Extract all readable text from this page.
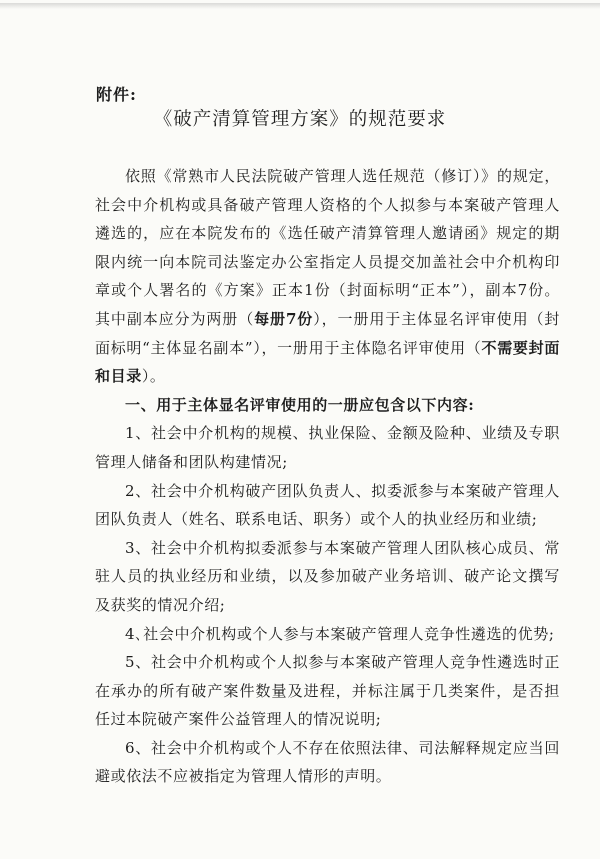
附件:
《破产清算管理方案》的规范要求

依照《常熟市人民法院破产管理人选任规范（修订）》的规定，社会中介机构或具备破产管理人资格的个人拟参与本案破产管理人遴选的，应在本院发布的《选任破产清算管理人邀请函》规定的期限内统一向本院司法鉴定办公室指定人员提交加盖社会中介机构印章或个人署名的《方案》正本1份（封面标明“正本”），副本7份。其中副本应分为两册（每册7份），一册用于主体显名评审使用（封面标明“主体显名副本”），一册用于主体隐名评审使用（不需要封面和目录）。

一、用于主体显名评审使用的一册应包含以下内容:

1、社会中介机构的规模、执业保险、金额及险种、业绩及专职管理人储备和团队构建情况;

2、社会中介机构破产团队负责人、拟委派参与本案破产管理人团队负责人（姓名、联系电话、职务）或个人的执业经历和业绩;

3、社会中介机构拟委派参与本案破产管理人团队核心成员、常驻人员的执业经历和业绩，以及参加破产业务培训、破产论文撰写及获奖的情况介绍;

4､社会中介机构或个人参与本案破产管理人竞争性遴选的优势;

5、社会中介机构或个人拟参与本案破产管理人竞争性遴选时正在承办的所有破产案件数量及进程，并标注属于几类案件，是否担任过本院破产案件公益管理人的情况说明;

6、社会中介机构或个人不存在依照法律、司法解释规定应当回避或依法不应被指定为管理人情形的声明。
